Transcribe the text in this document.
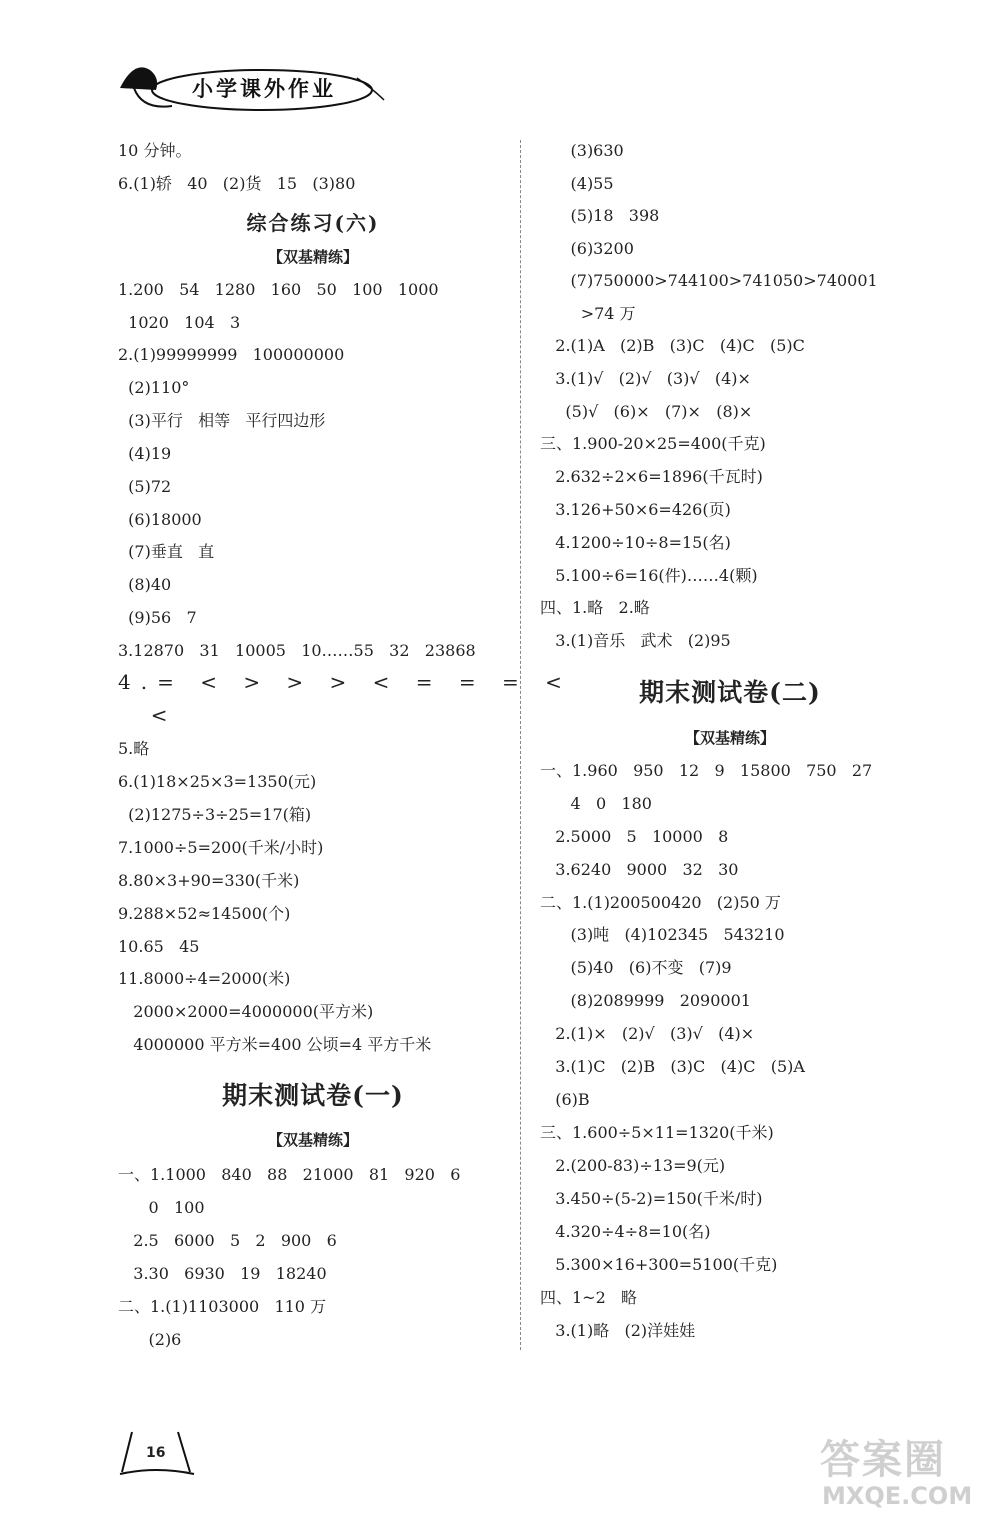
小学课外作业
10 分钟。
6.(1)轿   40   (2)货   15   (3)80
综合练习(六)
【双基精练】
1.200   54   1280   160   50   100   1000
1020   104   3
2.(1)99999999   100000000
(2)110°
(3)平行   相等   平行四边形
(4)19
(5)72
(6)18000
(7)垂直   直
(8)40
(9)56   7
3.12870   31   10005   10……55   32   23868
4.= < > > > < = = = <
<
5.略
6.(1)18×25×3=1350(元)
(2)1275÷3÷25=17(箱)
7.1000÷5=200(千米/小时)
8.80×3+90=330(千米)
9.288×52≈14500(个)
10.65   45
11.8000÷4=2000(米)
2000×2000=4000000(平方米)
4000000 平方米=400 公顷=4 平方千米
期末测试卷(一)
【双基精练】
一、1.1000   840   88   21000   81   920   6
0   100
2.5   6000   5   2   900   6
3.30   6930   19   18240
二、1.(1)1103000   110 万
(2)6
(3)630
(4)55
(5)18   398
(6)3200
(7)750000>744100>741050>740001
>74 万
2.(1)A   (2)B   (3)C   (4)C   (5)C
3.(1)√   (2)√   (3)√   (4)×
(5)√   (6)×   (7)×   (8)×
三、1.900-20×25=400(千克)
2.632÷2×6=1896(千瓦时)
3.126+50×6=426(页)
4.1200÷10÷8=15(名)
5.100÷6=16(件)……4(颗)
四、1.略   2.略
3.(1)音乐   武术   (2)95
期末测试卷(二)
【双基精练】
一、1.960   950   12   9   15800   750   27
4   0   180
2.5000   5   10000   8
3.6240   9000   32   30
二、1.(1)200500420   (2)50 万
(3)吨   (4)102345   543210
(5)40   (6)不变   (7)9
(8)2089999   2090001
2.(1)×   (2)√   (3)√   (4)×
3.(1)C   (2)B   (3)C   (4)C   (5)A
(6)B
三、1.600÷5×11=1320(千米)
2.(200-83)÷13=9(元)
3.450÷(5-2)=150(千米/时)
4.320÷4÷8=10(名)
5.300×16+300=5100(千克)
四、1~2   略
3.(1)略   (2)洋娃娃
16	答案圈
MXQE.COM
